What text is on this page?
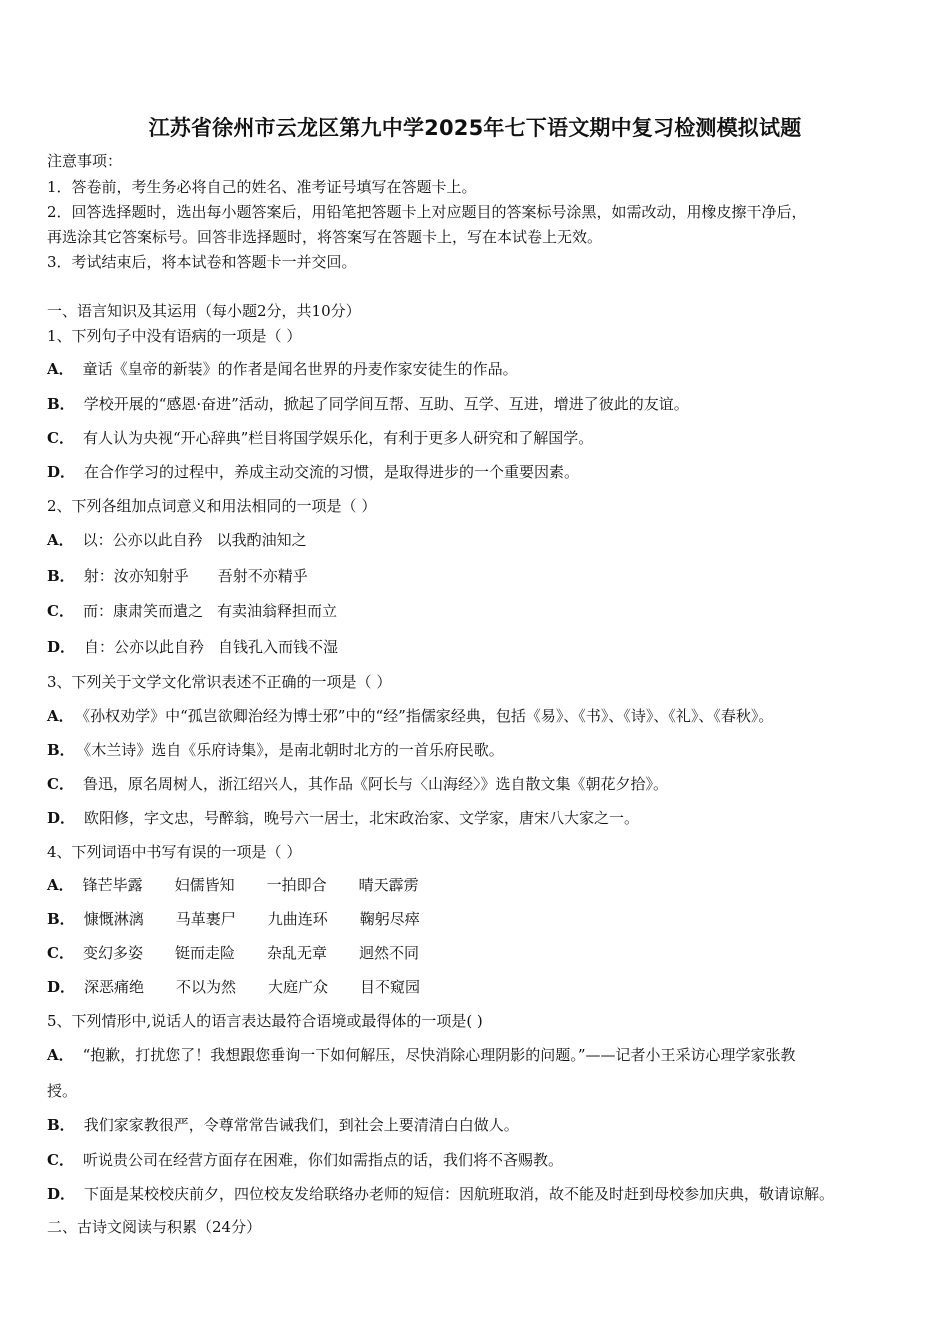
江苏省徐州市云龙区第九中学2025年七下语文期中复习检测模拟试题
注意事项：
1．答卷前，考生务必将自己的姓名、准考证号填写在答题卡上。
2．回答选择题时，选出每小题答案后，用铅笔把答题卡上对应题目的答案标号涂黑，如需改动，用橡皮擦干净后，
再选涂其它答案标号。回答非选择题时，将答案写在答题卡上，写在本试卷上无效。
3．考试结束后，将本试卷和答题卡一并交回。
一、语言知识及其运用（每小题2分，共10分）
1、下列句子中没有语病的一项是（ ）
A． 童话《皇帝的新装》的作者是闻名世界的丹麦作家安徒生的作品。
B． 学校开展的“感恩·奋进”活动，掀起了同学间互帮、互助、互学、互进，增进了彼此的友谊。
C． 有人认为央视“开心辞典”栏目将国学娱乐化，有利于更多人研究和了解国学。
D． 在合作学习的过程中，养成主动交流的习惯，是取得进步的一个重要因素。
2、下列各组加点词意义和用法相同的一项是（ ）
A． 以：公亦以此自矜 以我酌油知之
B． 射：汝亦知射乎 吾射不亦精乎
C． 而：康肃笑而遣之 有卖油翁释担而立
D． 自：公亦以此自矜 自钱孔入而钱不湿
3、下列关于文学文化常识表述不正确的一项是（ ）
A． 《孙权劝学》中“孤岂欲卿治经为博士邪”中的“经”指儒家经典，包括《易》、《书》、《诗》、《礼》、《春秋》。
B． 《木兰诗》选自《乐府诗集》，是南北朝时北方的一首乐府民歌。
C． 鲁迅，原名周树人，浙江绍兴人，其作品《阿长与〈山海经〉》选自散文集《朝花夕拾》。
D． 欧阳修，字文忠，号醉翁，晚号六一居士，北宋政治家、文学家，唐宋八大家之一。
4、下列词语中书写有误的一项是（ ）
A． 锋芒毕露 妇儒皆知 一拍即合 晴天霹雳
B． 慷慨淋漓 马革裹尸 九曲连环 鞠躬尽瘁
C． 变幻多姿 铤而走险 杂乱无章 迥然不同
D． 深恶痛绝 不以为然 大庭广众 目不窥园
5、下列情形中,说话人的语言表达最符合语境或最得体的一项是( )
A． “抱歉，打扰您了！我想跟您垂询一下如何解压，尽快消除心理阴影的问题。”——记者小王采访心理学家张教
授。
B． 我们家家教很严，令尊常常告诫我们，到社会上要清清白白做人。
C． 听说贵公司在经营方面存在困难，你们如需指点的话，我们将不吝赐教。
D． 下面是某校校庆前夕，四位校友发给联络办老师的短信：因航班取消，故不能及时赶到母校参加庆典，敬请谅解。
二、古诗文阅读与积累（24分）
